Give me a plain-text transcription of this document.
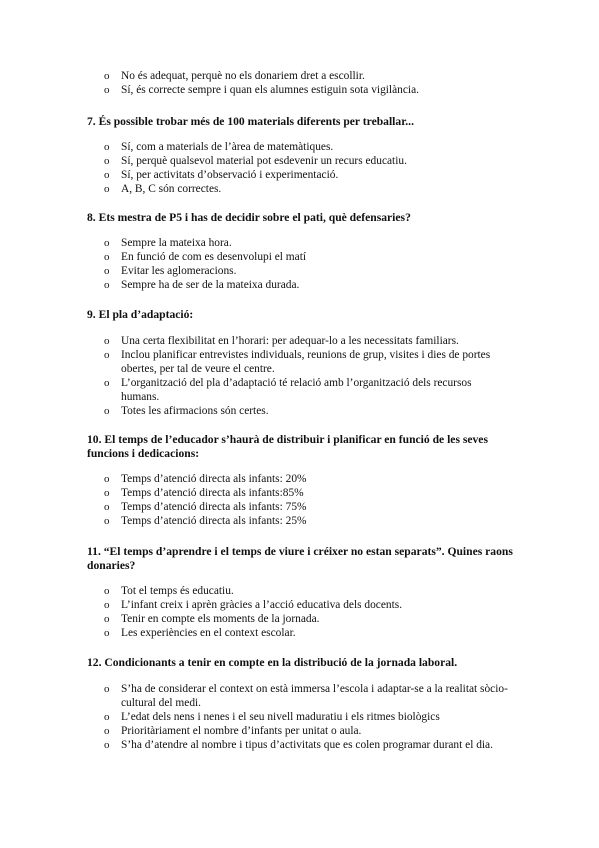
o No és adequat, perquè no els donariem dret a escollir.
o Sí, és correcte sempre i quan els alumnes estiguin sota vigilància.

7. És possible trobar més de 100 materials diferents per treballar...

o Sí, com a materials de l’àrea de matemàtiques.
o Sí, perquè qualsevol material pot esdevenir un recurs educatiu.
o Sí, per activitats d’observació i experimentació.
o A, B, C són correctes.

8. Ets mestra de P5 i has de decidir sobre el pati, què defensaries?

o Sempre la mateixa hora.
o En funció de com es desenvolupi el matí
o Evitar les aglomeracions.
o Sempre ha de ser de la mateixa durada.

9. El pla d’adaptació:

o Una certa flexibilitat en l’horari: per adequar-lo a les necessitats familiars.
o Inclou planificar entrevistes individuals, reunions de grup, visites i dies de portes obertes, per tal de veure el centre.
o L’organització del pla d’adaptació té relació amb l’organització dels recursos humans.
o Totes les afirmacions són certes.

10. El temps de l’educador s’haurà de distribuir i planificar en funció de les seves funcions i dedicacions:

o Temps d’atenció directa als infants: 20%
o Temps d’atenció directa als infants:85%
o Temps d’atenció directa als infants: 75%
o Temps d’atenció directa als infants: 25%

11. “El temps d’aprendre i el temps de viure i créixer no estan separats”. Quines raons donaries?

o Tot el temps és educatiu.
o L’infant creix i aprèn gràcies a l’acció educativa dels docents.
o Tenir en compte els moments de la jornada.
o Les experiències en el context escolar.

12. Condicionants a tenir en compte en la distribució de la jornada laboral.

o S’ha de considerar el context on està immersa l’escola i adaptar-se a la realitat sòcio-cultural del medi.
o L’edat dels nens i nenes i el seu nivell maduratiu i els ritmes biològics
o Prioritàriament el nombre d’infants per unitat o aula.
o S’ha d’atendre al nombre i tipus d’activitats que es colen programar durant el dia.
